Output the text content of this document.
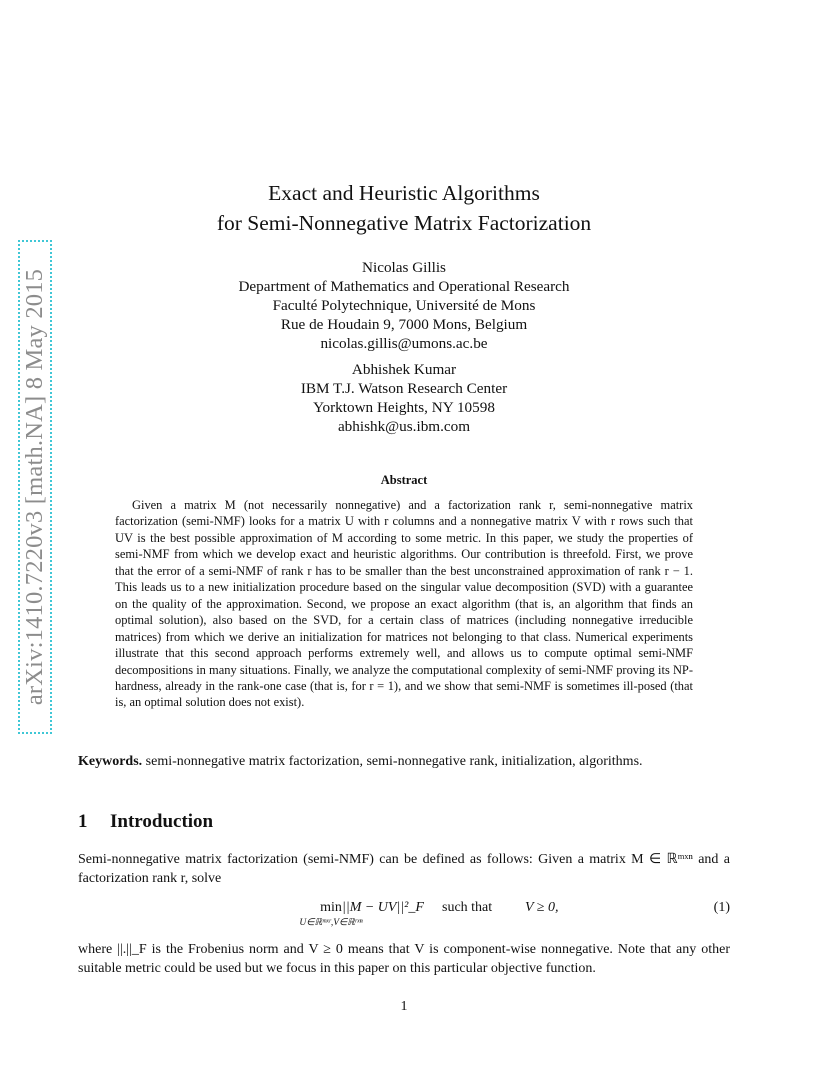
arXiv:1410.7220v3 [math.NA] 8 May 2015
Exact and Heuristic Algorithms
for Semi-Nonnegative Matrix Factorization
Nicolas Gillis
Department of Mathematics and Operational Research
Faculté Polytechnique, Université de Mons
Rue de Houdain 9, 7000 Mons, Belgium
nicolas.gillis@umons.ac.be
Abhishek Kumar
IBM T.J. Watson Research Center
Yorktown Heights, NY 10598
abhishk@us.ibm.com
Abstract

Given a matrix M (not necessarily nonnegative) and a factorization rank r, semi-nonnegative matrix factorization (semi-NMF) looks for a matrix U with r columns and a nonnegative matrix V with r rows such that UV is the best possible approximation of M according to some metric. In this paper, we study the properties of semi-NMF from which we develop exact and heuristic algorithms. Our contribution is threefold. First, we prove that the error of a semi-NMF of rank r has to be smaller than the best unconstrained approximation of rank r − 1. This leads us to a new initialization procedure based on the singular value decomposition (SVD) with a guarantee on the quality of the approximation. Second, we propose an exact algorithm (that is, an algorithm that finds an optimal solution), also based on the SVD, for a certain class of matrices (including nonnegative irreducible matrices) from which we derive an initialization for matrices not belonging to that class. Numerical experiments illustrate that this second approach performs extremely well, and allows us to compute optimal semi-NMF decompositions in many situations. Finally, we analyze the computational complexity of semi-NMF proving its NP-hardness, already in the rank-one case (that is, for r = 1), and we show that semi-NMF is sometimes ill-posed (that is, an optimal solution does not exist).

Keywords. semi-nonnegative matrix factorization, semi-nonnegative rank, initialization, algorithms.

1 Introduction

Semi-nonnegative matrix factorization (semi-NMF) can be defined as follows: Given a matrix M ∈ ℝᵐˣⁿ and a factorization rank r, solve

min
U∈ℝᵐˣʳ,V∈ℝʳˣⁿ
||M − UV||²_F such that V ≥ 0,	(1)

where ||.||_F is the Frobenius norm and V ≥ 0 means that V is component-wise nonnegative. Note that any other suitable metric could be used but we focus in this paper on this particular objective function.

1
